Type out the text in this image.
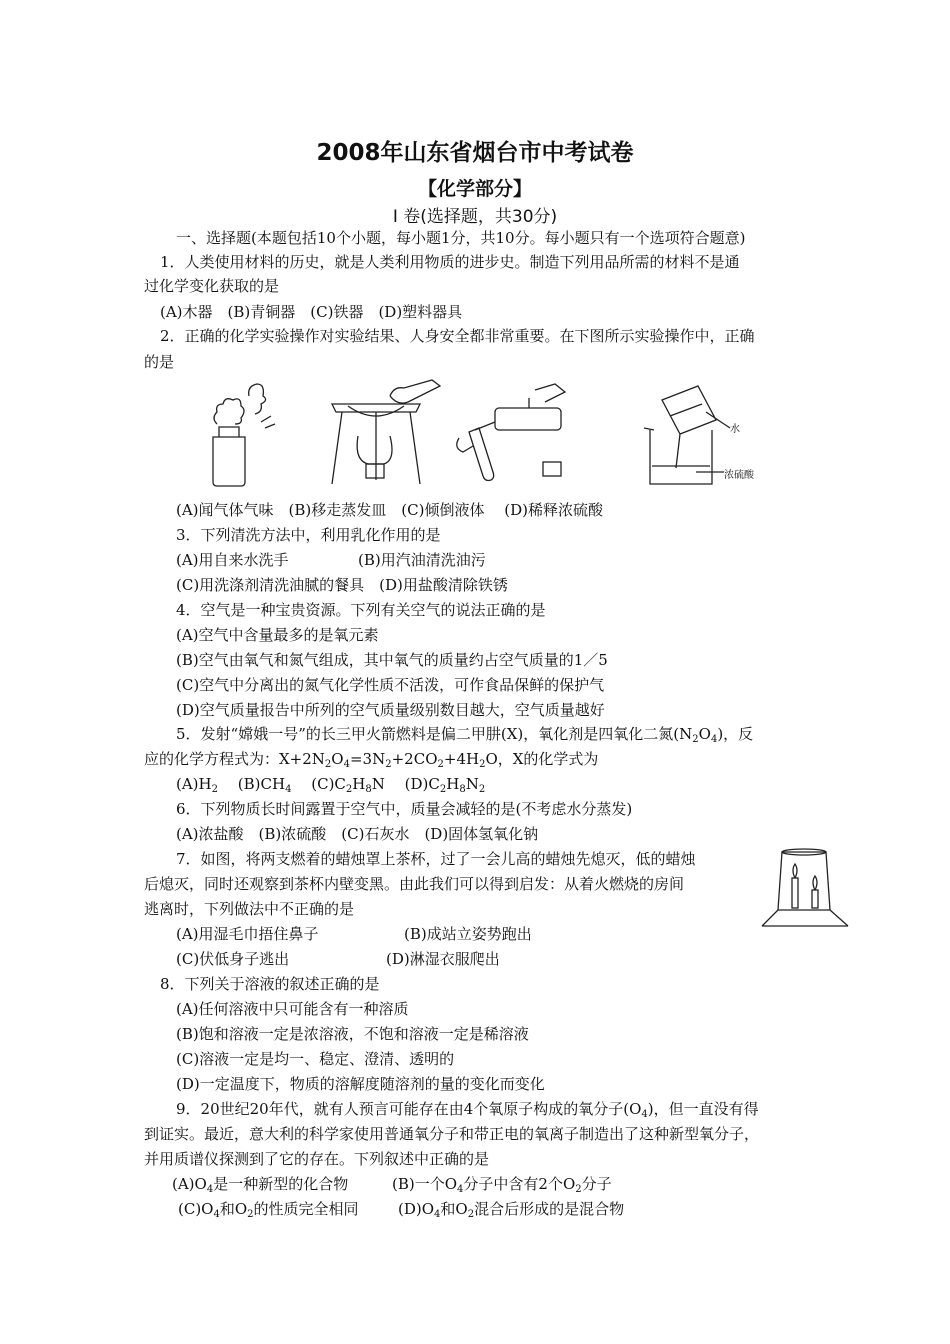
2008年山东省烟台市中考试卷
【化学部分】
Ⅰ 卷(选择题，共30分)
一、选择题(本题包括10个小题，每小题1分，共10分。每小题只有一个选项符合题意)
1．人类使用材料的历史，就是人类利用物质的进步史。制造下列用品所需的材料不是通
过化学变化获取的是
(A)木器　(B)青铜器　(C)铁器　(D)塑料器具
2．正确的化学实验操作对实验结果、人身安全都非常重要。在下图所示实验操作中，正确
的是
水
浓硫酸
(A)闻气体气味　(B)移走蒸发皿　(C)倾倒液体　 (D)稀释浓硫酸
3．下列清洗方法中，利用乳化作用的是
(A)用自来水洗手	(B)用汽油清洗油污
(C)用洗涤剂清洗油腻的餐具　(D)用盐酸清除铁锈
4．空气是一种宝贵资源。下列有关空气的说法正确的是
(A)空气中含量最多的是氧元素
(B)空气由氧气和氮气组成，其中氧气的质量约占空气质量的1／5
(C)空气中分离出的氮气化学性质不活泼，可作食品保鲜的保护气
(D)空气质量报告中所列的空气质量级别数目越大，空气质量越好
5．发射“嫦娥一号”的长三甲火箭燃料是偏二甲肼(X)，氧化剂是四氧化二氮$(N_2O_4)$，反
应的化学方程式为：$X+2N_2O_4=3N_2+2CO_2+4H_2O$，X的化学式为
$(A)H_2$　 $(B)CH_4$　 $(C)C_2H_8N$　 $(D)C_2H_8N_2$
6．下列物质长时间露置于空气中，质量会减轻的是(不考虑水分蒸发)
(A)浓盐酸　(B)浓硫酸　(C)石灰水　(D)固体氢氧化钠
7．如图，将两支燃着的蜡烛罩上茶杯，过了一会儿高的蜡烛先熄灭，低的蜡烛
后熄灭，同时还观察到茶杯内壁变黑。由此我们可以得到启发：从着火燃烧的房间
逃离时，下列做法中不正确的是
(A)用湿毛巾捂住鼻子	(B)成站立姿势跑出
(C)伏低身子逃出	(D)淋湿衣服爬出
8．下列关于溶液的叙述正确的是
(A)任何溶液中只可能含有一种溶质
(B)饱和溶液一定是浓溶液，不饱和溶液一定是稀溶液
(C)溶液一定是均一、稳定、澄清、透明的
(D)一定温度下，物质的溶解度随溶剂的量的变化而变化
9．20世纪20年代，就有人预言可能存在由4个氧原子构成的氧分子$(O_4)$，但一直没有得
到证实。最近，意大利的科学家使用普通氧分子和带正电的氧离子制造出了这种新型氧分子，
并用质谱仪探测到了它的存在。下列叙述中正确的是
$(A)O_4$是一种新型的化合物	(B)一个$O_4$分子中含有2个$O_2$分子
$(C)O_4$和$O_2$的性质完全相同	$(D)O_4$和$O_2$混合后形成的是混合物
